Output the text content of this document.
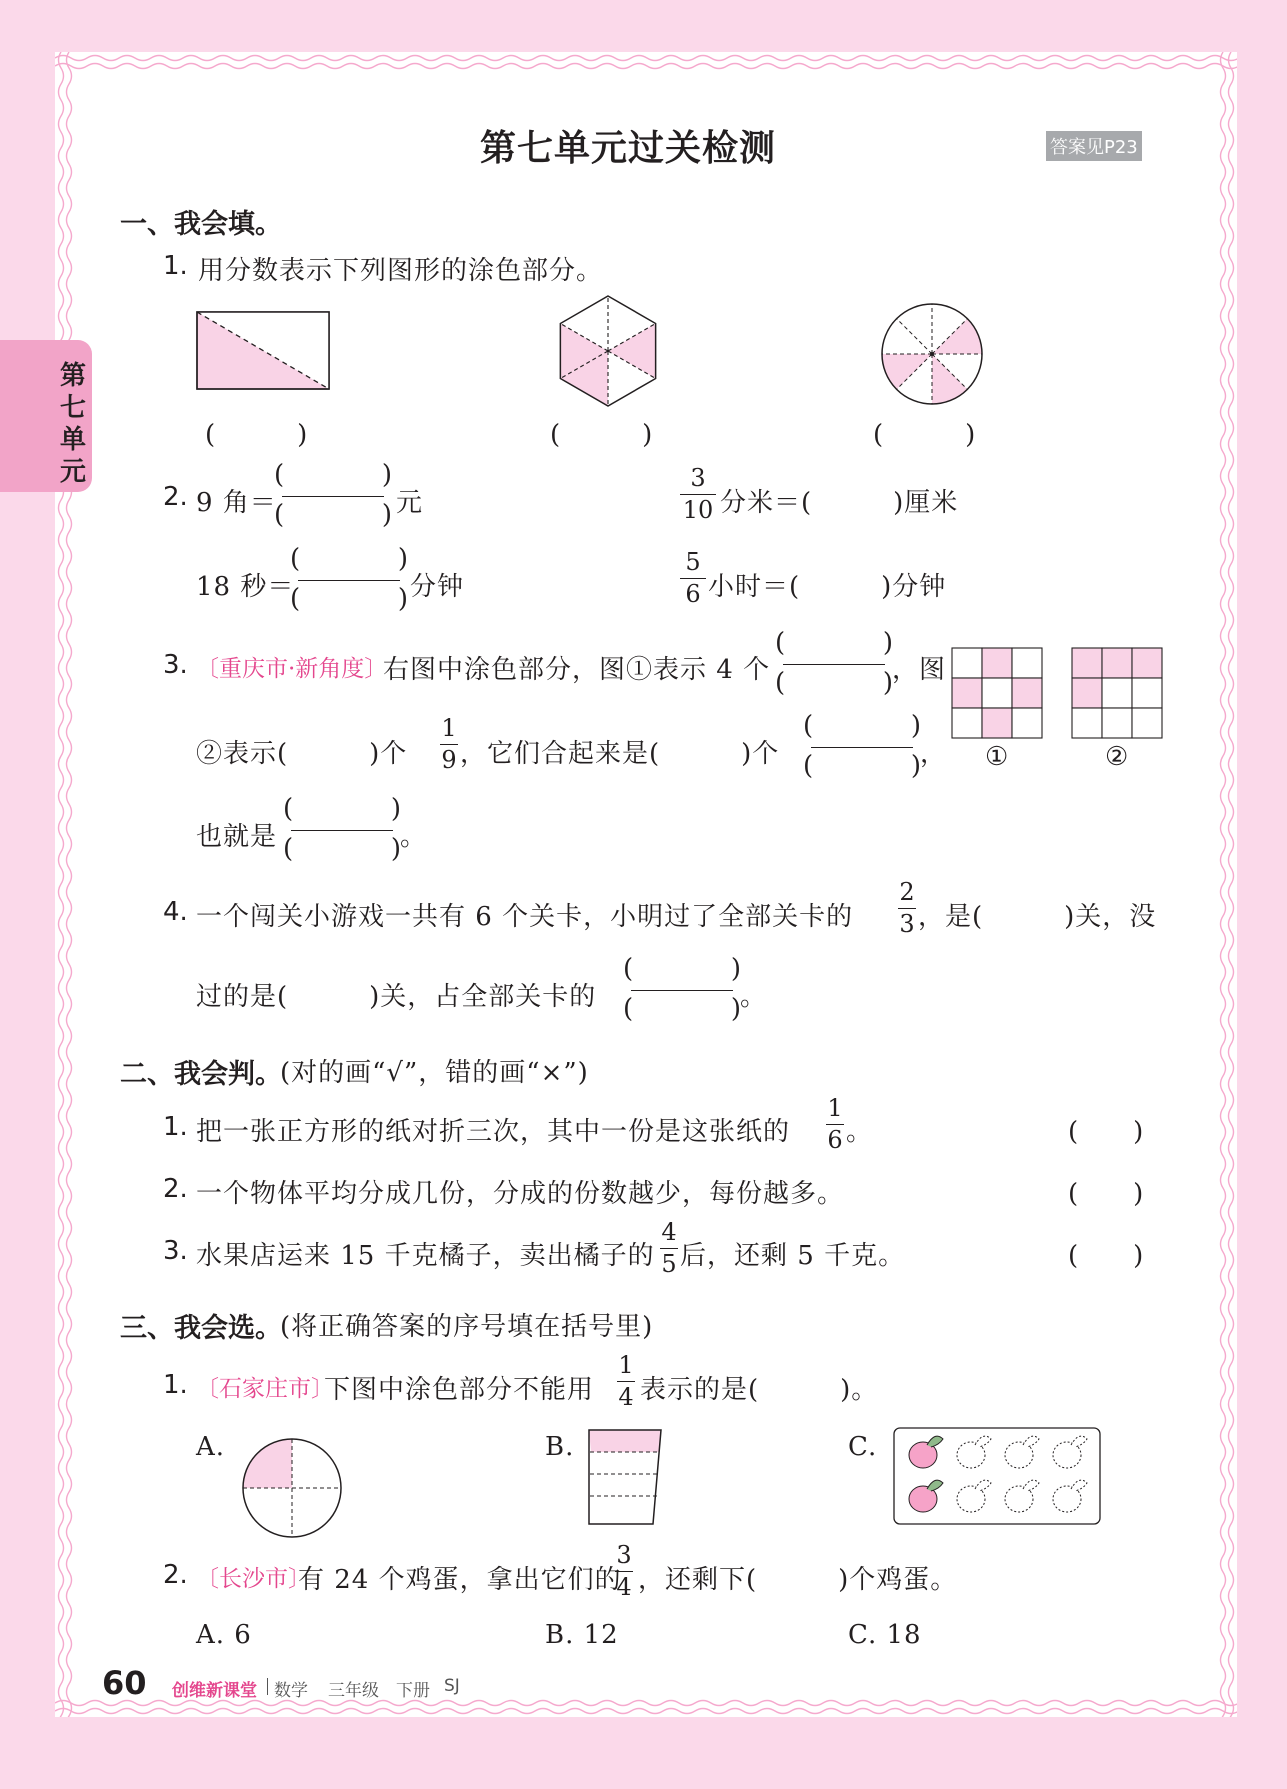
第七单元
第七单元过关检测	答案见P23
一、我会填。
1. 用分数表示下列图形的涂色部分。
(　　　)	(　　　)	(　　　)
2. 9 角＝
(	)
(	) 元
3
10 分米＝(　　　)厘米
18 秒＝
(	)
(	) 分钟
5
6 小时＝(　　　)分钟
3. 〔重庆市·新角度〕
右图中涂色部分，图①表示 4 个
(	)
(	) ，图
②表示(　　　)个
1
9 ，它们合起来是(　　　)个
(	)
(	) ，
也就是
(	)
(	) 。
①	②
4. 一个闯关小游戏一共有 6 个关卡，小明过了全部关卡的
2
3 ，是(　　　)关，没
过的是(　　　)关，占全部关卡的
(	)
(	) 。
二、我会判。
(对的画“√”，错的画“×”)
1. 把一张正方形的纸对折三次，其中一份是这张纸的
1
6 。	(　　)
2. 一个物体平均分成几份，分成的份数越少，每份越多。	(　　)
3. 水果店运来 15 千克橘子，卖出橘子的
4
5 后，还剩 5 千克。	(　　)
三、我会选。
(将正确答案的序号填在括号里)
1. 〔石家庄市〕
下图中涂色部分不能用
1
4 表示的是(　　　)。
A.	B.	C.
2. 〔长沙市〕
有 24 个鸡蛋，拿出它们的
3
4 ，还剩下(　　　)个鸡蛋。
A. 6	B. 12	C. 18
60 创维新课堂 数学 三年级 下册 SJ
